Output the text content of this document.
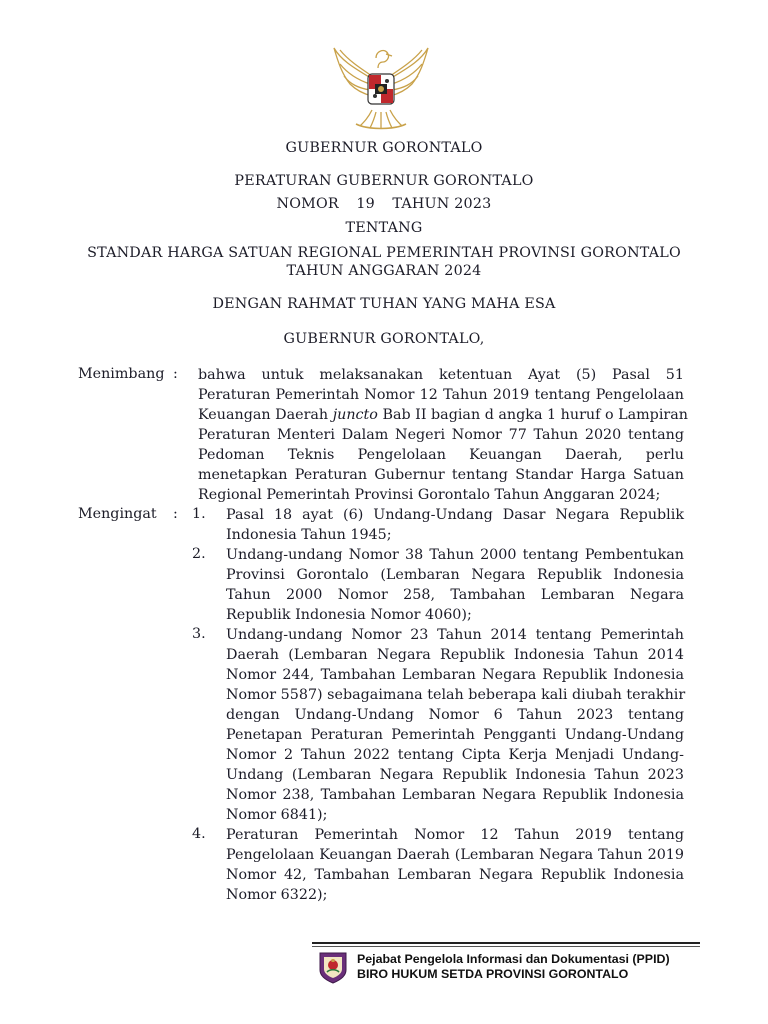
GUBERNUR GORONTALO
PERATURAN GUBERNUR GORONTALO
NOMOR 19 TAHUN 2023
TENTANG
STANDAR HARGA SATUAN REGIONAL PEMERINTAH PROVINSI GORONTALO
TAHUN ANGGARAN 2024
DENGAN RAHMAT TUHAN YANG MAHA ESA
GUBERNUR GORONTALO,
Menimbang : bahwa untuk melaksanakan ketentuan Ayat (5) Pasal 51
Peraturan Pemerintah Nomor 12 Tahun 2019 tentang Pengelolaan
Keuangan Daerah juncto Bab II bagian d angka 1 huruf o Lampiran
Peraturan Menteri Dalam Negeri Nomor 77 Tahun 2020 tentang
Pedoman Teknis Pengelolaan Keuangan Daerah, perlu
menetapkan Peraturan Gubernur tentang Standar Harga Satuan
Regional Pemerintah Provinsi Gorontalo Tahun Anggaran 2024;
Mengingat : 1. Pasal 18 ayat (6) Undang-Undang Dasar Negara Republik
Indonesia Tahun 1945;
2. Undang-undang Nomor 38 Tahun 2000 tentang Pembentukan
Provinsi Gorontalo (Lembaran Negara Republik Indonesia
Tahun 2000 Nomor 258, Tambahan Lembaran Negara
Republik Indonesia Nomor 4060);
3. Undang-undang Nomor 23 Tahun 2014 tentang Pemerintah
Daerah (Lembaran Negara Republik Indonesia Tahun 2014
Nomor 244, Tambahan Lembaran Negara Republik Indonesia
Nomor 5587) sebagaimana telah beberapa kali diubah terakhir
dengan Undang-Undang Nomor 6 Tahun 2023 tentang
Penetapan Peraturan Pemerintah Pengganti Undang-Undang
Nomor 2 Tahun 2022 tentang Cipta Kerja Menjadi Undang-
Undang (Lembaran Negara Republik Indonesia Tahun 2023
Nomor 238, Tambahan Lembaran Negara Republik Indonesia
Nomor 6841);
4. Peraturan Pemerintah Nomor 12 Tahun 2019 tentang
Pengelolaan Keuangan Daerah (Lembaran Negara Tahun 2019
Nomor 42, Tambahan Lembaran Negara Republik Indonesia
Nomor 6322);
Pejabat Pengelola Informasi dan Dokumentasi (PPID)
BIRO HUKUM SETDA PROVINSI GORONTALO
